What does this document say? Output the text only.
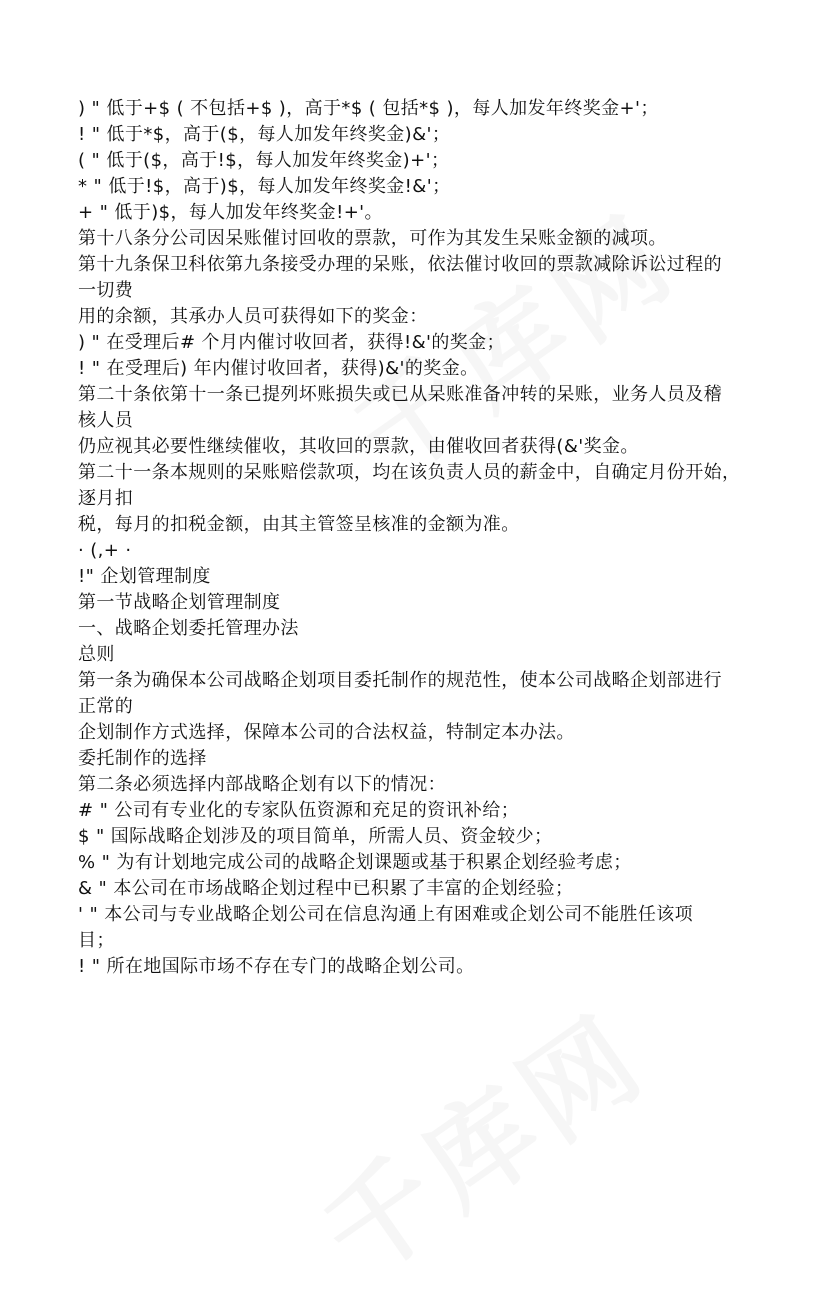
) " 低于+$ ( 不包括+$ )，高于*$ ( 包括*$ )，每人加发年终奖金+'；
! " 低于*$，高于($，每人加发年终奖金)&'；
( " 低于($，高于!$，每人加发年终奖金)+'；
* " 低于!$，高于)$，每人加发年终奖金!&'；
+ " 低于)$，每人加发年终奖金!+'。
第十八条分公司因呆账催讨回收的票款，可作为其发生呆账金额的减项。
第十九条保卫科依第九条接受办理的呆账，依法催讨收回的票款减除诉讼过程的
一切费
用的余额，其承办人员可获得如下的奖金：
) " 在受理后# 个月内催讨收回者，获得!&'的奖金；
! " 在受理后) 年内催讨收回者，获得)&'的奖金。
第二十条依第十一条已提列坏账损失或已从呆账准备冲转的呆账，业务人员及稽
核人员
仍应视其必要性继续催收，其收回的票款，由催收回者获得(&'奖金。
第二十一条本规则的呆账赔偿款项，均在该负责人员的薪金中，自确定月份开始，
逐月扣
税，每月的扣税金额，由其主管签呈核准的金额为准。
· (,+ ·
!" 企划管理制度
第一节战略企划管理制度
一、战略企划委托管理办法
总则
第一条为确保本公司战略企划项目委托制作的规范性，使本公司战略企划部进行
正常的
企划制作方式选择，保障本公司的合法权益，特制定本办法。
委托制作的选择
第二条必须选择内部战略企划有以下的情况：
# " 公司有专业化的专家队伍资源和充足的资讯补给；
$ " 国际战略企划涉及的项目简单，所需人员、资金较少；
% " 为有计划地完成公司的战略企划课题或基于积累企划经验考虑；
& " 本公司在市场战略企划过程中已积累了丰富的企划经验；
' " 本公司与专业战略企划公司在信息沟通上有困难或企划公司不能胜任该项
目；
! " 所在地国际市场不存在专门的战略企划公司。
